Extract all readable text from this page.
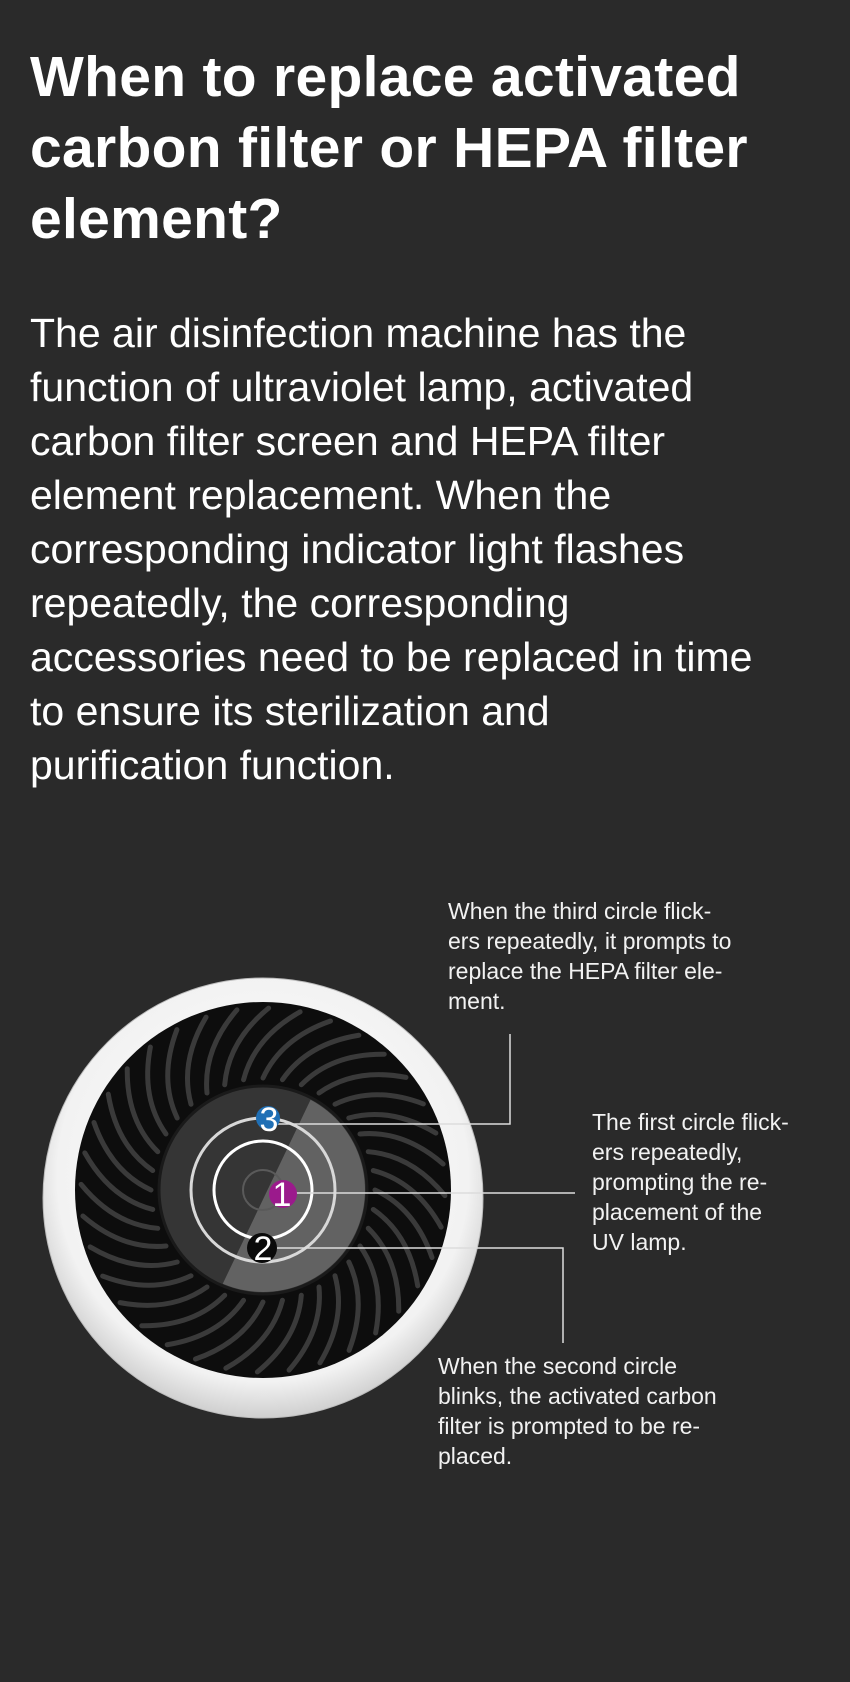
When to replace activated carbon filter or HEPA filter element?

The air disinfection machine has the
function of ultraviolet lamp, activated
carbon filter screen and HEPA filter
element replacement. When the
corresponding indicator light flashes
repeatedly, the corresponding
accessories need to be replaced in time
to ensure its sterilization and
purification function.

3
1
2
When the third circle flick-
ers repeatedly, it prompts to
replace the HEPA filter ele-
ment.
The first circle flick-
ers repeatedly,
prompting the re-
placement of the
UV lamp.
When the second circle
blinks, the activated carbon
filter is prompted to be re-
placed.
